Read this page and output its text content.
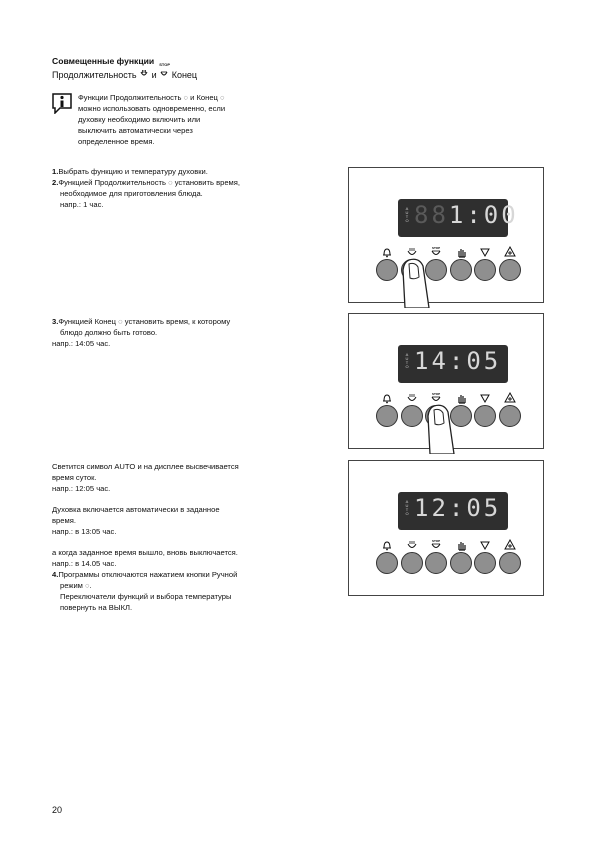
Совмещенные функции
Продолжительность и
STOP
Конец
Функции Продолжительность ◌ и Конец ◌
можно использовать одновременно, если
духовку необходимо включить или
выключить автоматически через
определенное время.
1.Выбрать функцию и температуру духовки.
2.Функцией Продолжительность ◌ установить время,
необходимое для приготовления блюда.
напр.: 1 час.
3.Функцией Конец ◌ установить время, к которому
блюдо должно быть готово.
напр.: 14:05 час.
Светится символ AUTO и на дисплее высвечивается
время суток.
напр.: 12:05 час.
Духовка включается автоматически в заданное
время.
напр.: в 13:05 час.
а когда заданное время вышло, вновь выключается.
напр.: в 14.05 час.
4.Программы отключаются нажатием кнопки Ручной
режим ◌.
Переключатели функций и выбора температуры
повернуть на ВЫКЛ.
A
U
T
O 881:00
STOP
A
U
T
O 14:05
STOP
A
U
T
O 12:05
STOP
20
